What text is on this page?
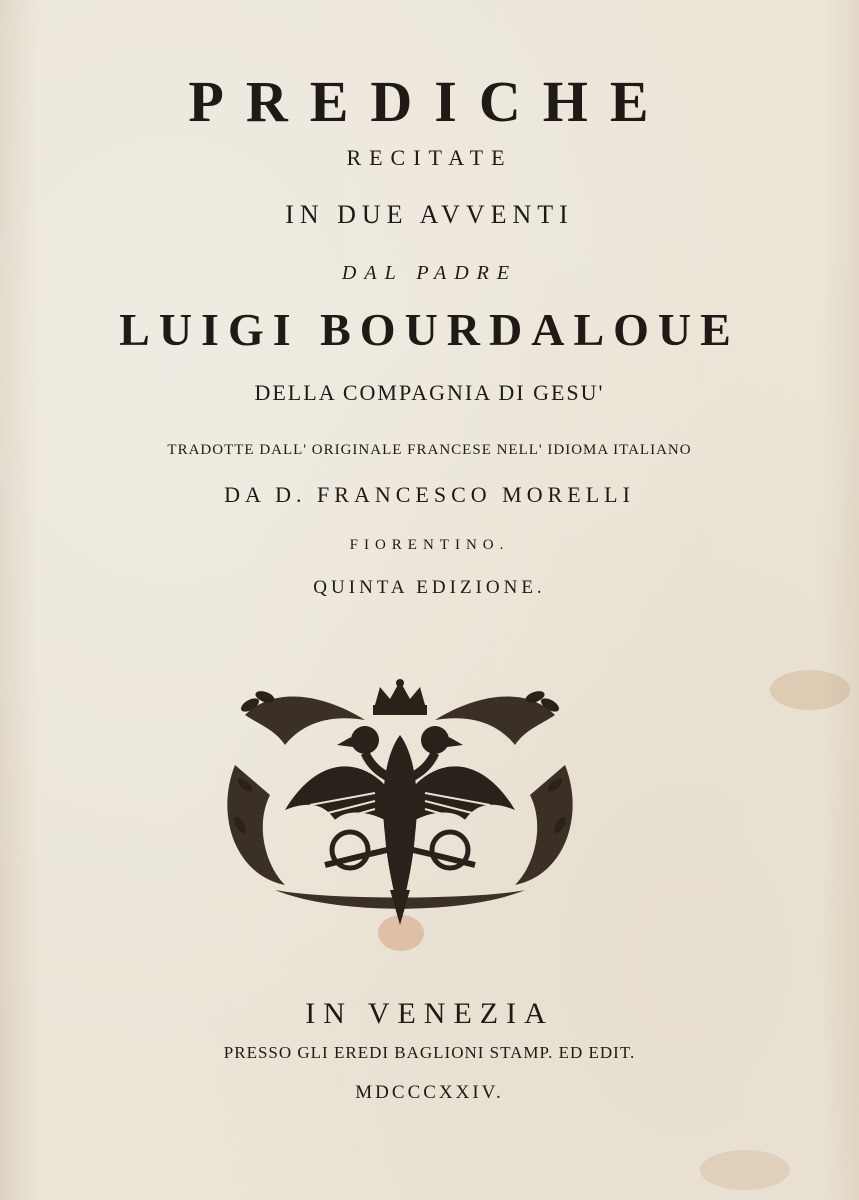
PREDICHE
RECITATE
IN DUE AVVENTI
DAL PADRE
LUIGI BOURDALOUE
DELLA COMPAGNIA DI GESU'
TRADOTTE DALL' ORIGINALE FRANCESE NELL' IDIOMA ITALIANO
DA D. FRANCESCO MORELLI
FIORENTINO.
QUINTA EDIZIONE.
IN VENEZIA
PRESSO GLI EREDI BAGLIONI STAMP. ED EDIT.
MDCCCXXIV.
